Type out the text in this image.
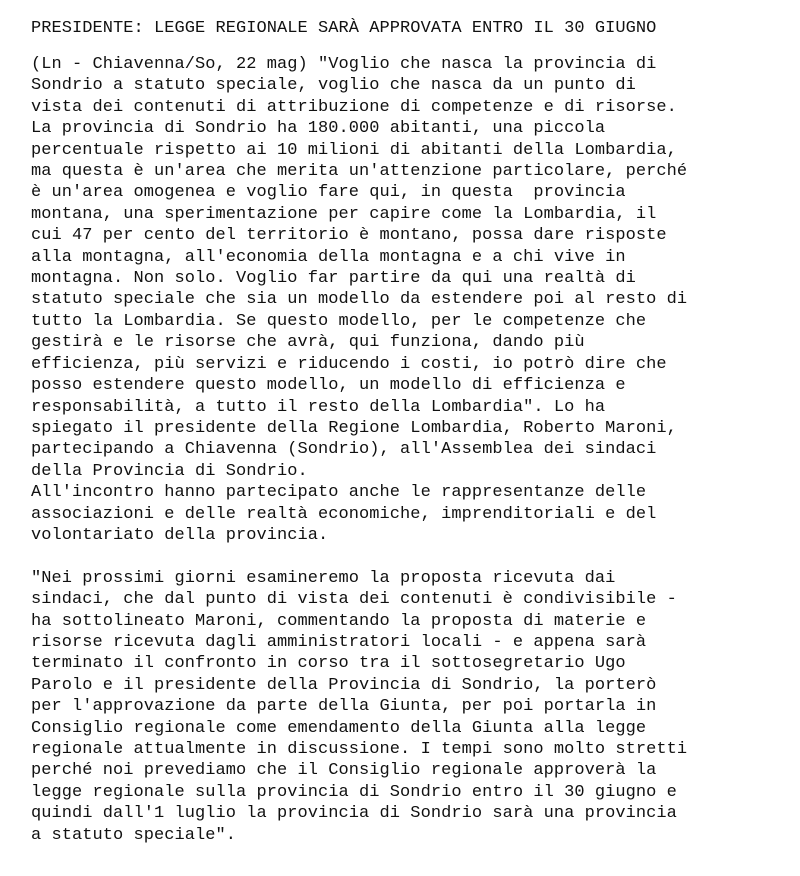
PRESIDENTE: LEGGE REGIONALE SARÀ APPROVATA ENTRO IL 30 GIUGNO
(Ln - Chiavenna/So, 22 mag) "Voglio che nasca la provincia di
Sondrio a statuto speciale, voglio che nasca da un punto di
vista dei contenuti di attribuzione di competenze e di risorse.
La provincia di Sondrio ha 180.000 abitanti, una piccola
percentuale rispetto ai 10 milioni di abitanti della Lombardia,
ma questa è un'area che merita un'attenzione particolare, perché
è un'area omogenea e voglio fare qui, in questa  provincia
montana, una sperimentazione per capire come la Lombardia, il
cui 47 per cento del territorio è montano, possa dare risposte
alla montagna, all'economia della montagna e a chi vive in
montagna. Non solo. Voglio far partire da qui una realtà di
statuto speciale che sia un modello da estendere poi al resto di
tutto la Lombardia. Se questo modello, per le competenze che
gestirà e le risorse che avrà, qui funziona, dando più
efficienza, più servizi e riducendo i costi, io potrò dire che
posso estendere questo modello, un modello di efficienza e
responsabilità, a tutto il resto della Lombardia". Lo ha
spiegato il presidente della Regione Lombardia, Roberto Maroni,
partecipando a Chiavenna (Sondrio), all'Assemblea dei sindaci
della Provincia di Sondrio.
All'incontro hanno partecipato anche le rappresentanze delle
associazioni e delle realtà economiche, imprenditoriali e del
volontariato della provincia.
"Nei prossimi giorni esamineremo la proposta ricevuta dai
sindaci, che dal punto di vista dei contenuti è condivisibile -
ha sottolineato Maroni, commentando la proposta di materie e
risorse ricevuta dagli amministratori locali - e appena sarà
terminato il confronto in corso tra il sottosegretario Ugo
Parolo e il presidente della Provincia di Sondrio, la porterò
per l'approvazione da parte della Giunta, per poi portarla in
Consiglio regionale come emendamento della Giunta alla legge
regionale attualmente in discussione. I tempi sono molto stretti
perché noi prevediamo che il Consiglio regionale approverà la
legge regionale sulla provincia di Sondrio entro il 30 giugno e
quindi dall'1 luglio la provincia di Sondrio sarà una provincia
a statuto speciale".
